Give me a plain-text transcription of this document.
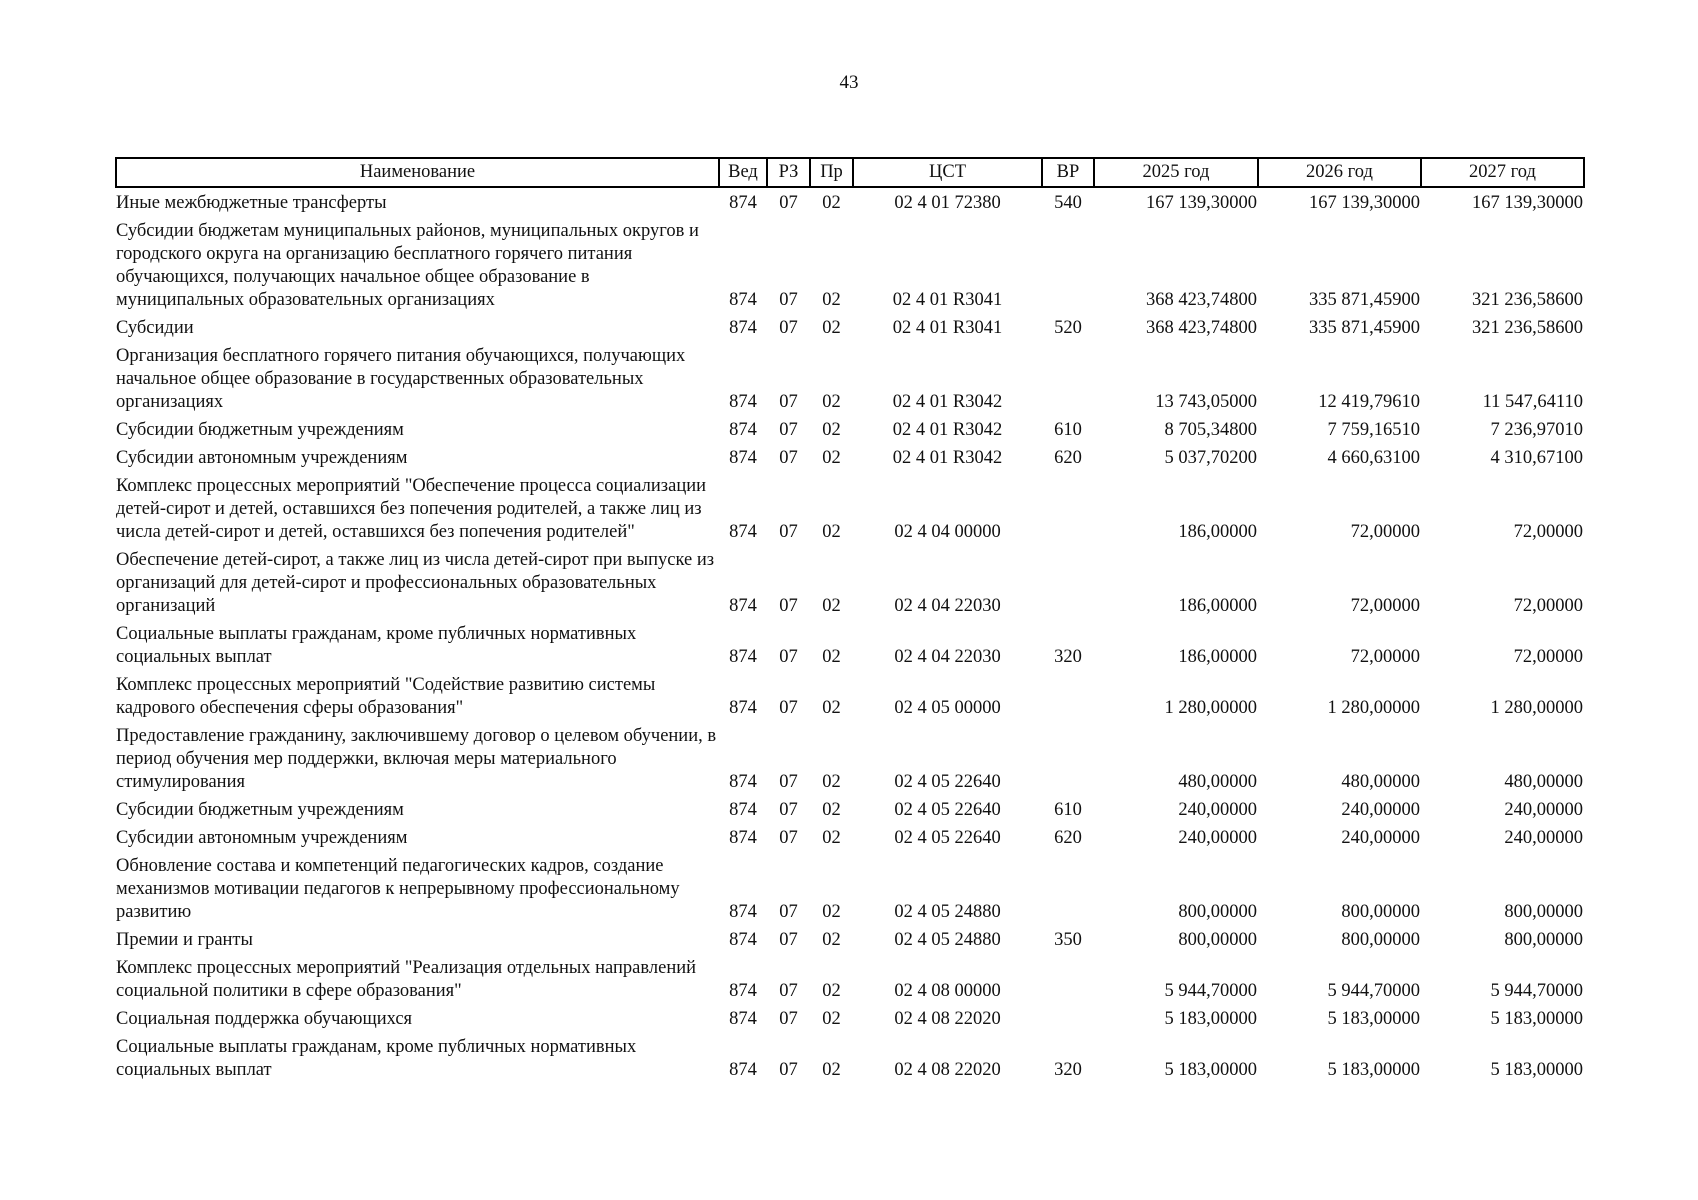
43
Наименование	Вед	РЗ	Пр	ЦСТ	ВР	2025 год	2026 год	2027 год
Иные межбюджетные трансферты	874	07	02	02 4 01 72380	540	167 139,30000	167 139,30000	167 139,30000
Субсидии бюджетам муниципальных районов, муниципальных округов и городского округа на организацию бесплатного горячего питания обучающихся, получающих начальное общее образование в муниципальных образовательных организациях	874	07	02	02 4 01 R3041		368 423,74800	335 871,45900	321 236,58600
Субсидии	874	07	02	02 4 01 R3041	520	368 423,74800	335 871,45900	321 236,58600
Организация бесплатного горячего питания обучающихся, получающих начальное общее образование в государственных образовательных организациях	874	07	02	02 4 01 R3042		13 743,05000	12 419,79610	11 547,64110
Субсидии бюджетным учреждениям	874	07	02	02 4 01 R3042	610	8 705,34800	7 759,16510	7 236,97010
Субсидии автономным учреждениям	874	07	02	02 4 01 R3042	620	5 037,70200	4 660,63100	4 310,67100
Комплекс процессных мероприятий "Обеспечение процесса социализации детей-сирот и детей, оставшихся без попечения родителей, а также лиц из числа детей-сирот и детей, оставшихся без попечения родителей"	874	07	02	02 4 04 00000		186,00000	72,00000	72,00000
Обеспечение детей-сирот, а также лиц из числа детей-сирот при выпуске из организаций для детей-сирот и профессиональных образовательных организаций	874	07	02	02 4 04 22030		186,00000	72,00000	72,00000
Социальные выплаты гражданам, кроме публичных нормативных социальных выплат	874	07	02	02 4 04 22030	320	186,00000	72,00000	72,00000
Комплекс процессных мероприятий "Содействие развитию системы кадрового обеспечения сферы образования"	874	07	02	02 4 05 00000		1 280,00000	1 280,00000	1 280,00000
Предоставление гражданину, заключившему договор о целевом обучении, в период обучения мер поддержки, включая меры материального стимулирования	874	07	02	02 4 05 22640		480,00000	480,00000	480,00000
Субсидии бюджетным учреждениям	874	07	02	02 4 05 22640	610	240,00000	240,00000	240,00000
Субсидии автономным учреждениям	874	07	02	02 4 05 22640	620	240,00000	240,00000	240,00000
Обновление состава и компетенций педагогических кадров, создание механизмов мотивации педагогов к непрерывному профессиональному развитию	874	07	02	02 4 05 24880		800,00000	800,00000	800,00000
Премии и гранты	874	07	02	02 4 05 24880	350	800,00000	800,00000	800,00000
Комплекс процессных мероприятий "Реализация отдельных направлений социальной политики в сфере образования"	874	07	02	02 4 08 00000		5 944,70000	5 944,70000	5 944,70000
Социальная поддержка обучающихся	874	07	02	02 4 08 22020		5 183,00000	5 183,00000	5 183,00000
Социальные выплаты гражданам, кроме публичных нормативных социальных выплат	874	07	02	02 4 08 22020	320	5 183,00000	5 183,00000	5 183,00000
